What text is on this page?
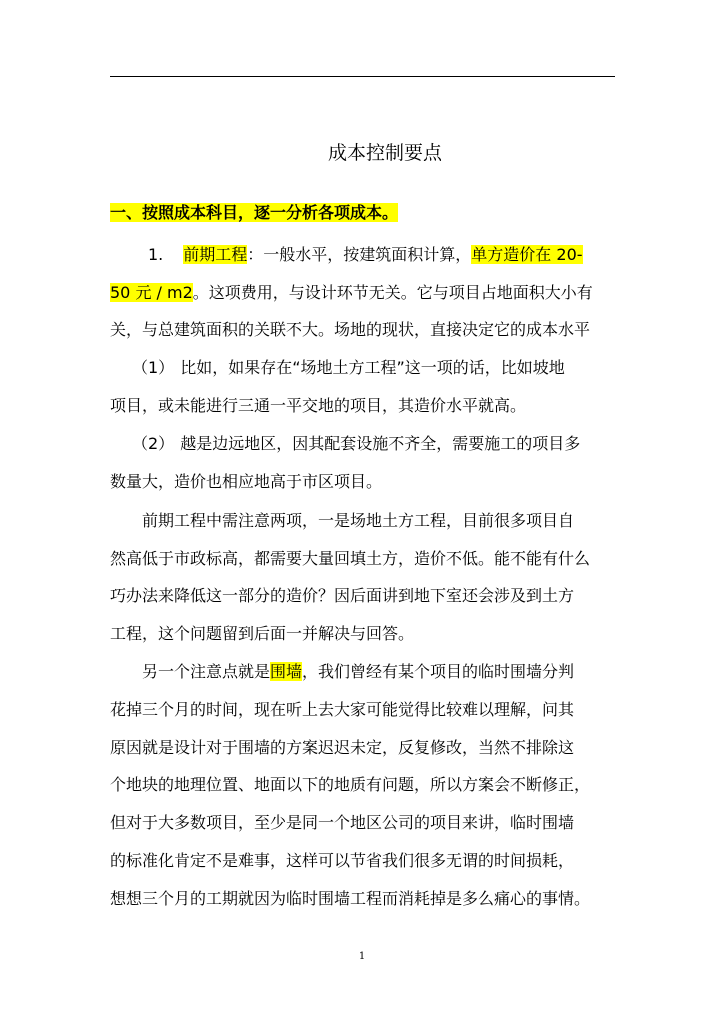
成本控制要点
一、按照成本科目，逐一分析各项成本。
1. 前期工程：一般水平，按建筑面积计算，单方造价在 20-
50 元 / m2。这项费用，与设计环节无关。它与项目占地面积大小有
关，与总建筑面积的关联不大。场地的现状，直接决定它的成本水平
（1） 比如，如果存在“场地土方工程”这一项的话，比如坡地
项目，或未能进行三通一平交地的项目，其造价水平就高。
（2） 越是边远地区，因其配套设施不齐全，需要施工的项目多
数量大，造价也相应地高于市区项目。
前期工程中需注意两项，一是场地土方工程，目前很多项目自
然高低于市政标高，都需要大量回填土方，造价不低。能不能有什么
巧办法来降低这一部分的造价？因后面讲到地下室还会涉及到土方
工程，这个问题留到后面一并解决与回答。
另一个注意点就是围墙，我们曾经有某个项目的临时围墙分判
花掉三个月的时间，现在听上去大家可能觉得比较难以理解，问其
原因就是设计对于围墙的方案迟迟未定，反复修改，当然不排除这
个地块的地理位置、地面以下的地质有问题，所以方案会不断修正，
但对于大多数项目，至少是同一个地区公司的项目来讲，临时围墙
的标准化肯定不是难事，这样可以节省我们很多无谓的时间损耗，
想想三个月的工期就因为临时围墙工程而消耗掉是多么痛心的事情。
1
